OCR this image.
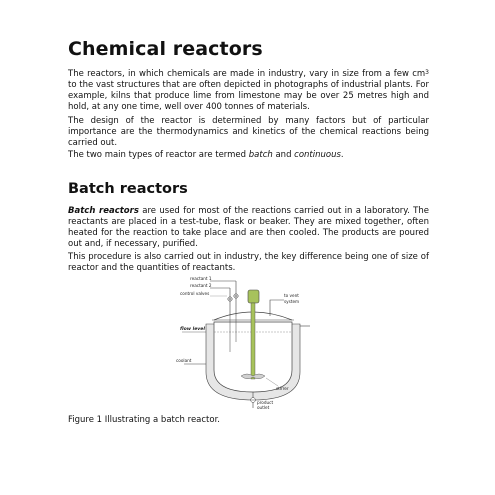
Chemical reactors

The reactors, in which chemicals are made in industry, vary in size from a few $cm^3$ to the vast structures that are often depicted in photographs of industrial plants. For example, kilns that produce lime from limestone may be over 25 metres high and hold, at any one time, well over 400 tonnes of materials.

The design of the reactor is determined by many factors but of particular importance are the thermodynamics and kinetics of the chemical reactions being carried out.

The two main types of reactor are termed batch and continuous.

Batch reactors

Batch reactors are used for most of the reactions carried out in a laboratory. The reactants are placed in a test-tube, flask or beaker. They are mixed together, often heated for the reaction to take place and are then cooled. The products are poured out and, if necessary, purified.

This procedure is also carried out in industry, the key difference being one of size of reactor and the quantities of reactants.

reactant 1
reactant 2
control valves	to vent
system
flow level
coolant
stirrer
product
outlet

Figure 1 Illustrating a batch reactor.
